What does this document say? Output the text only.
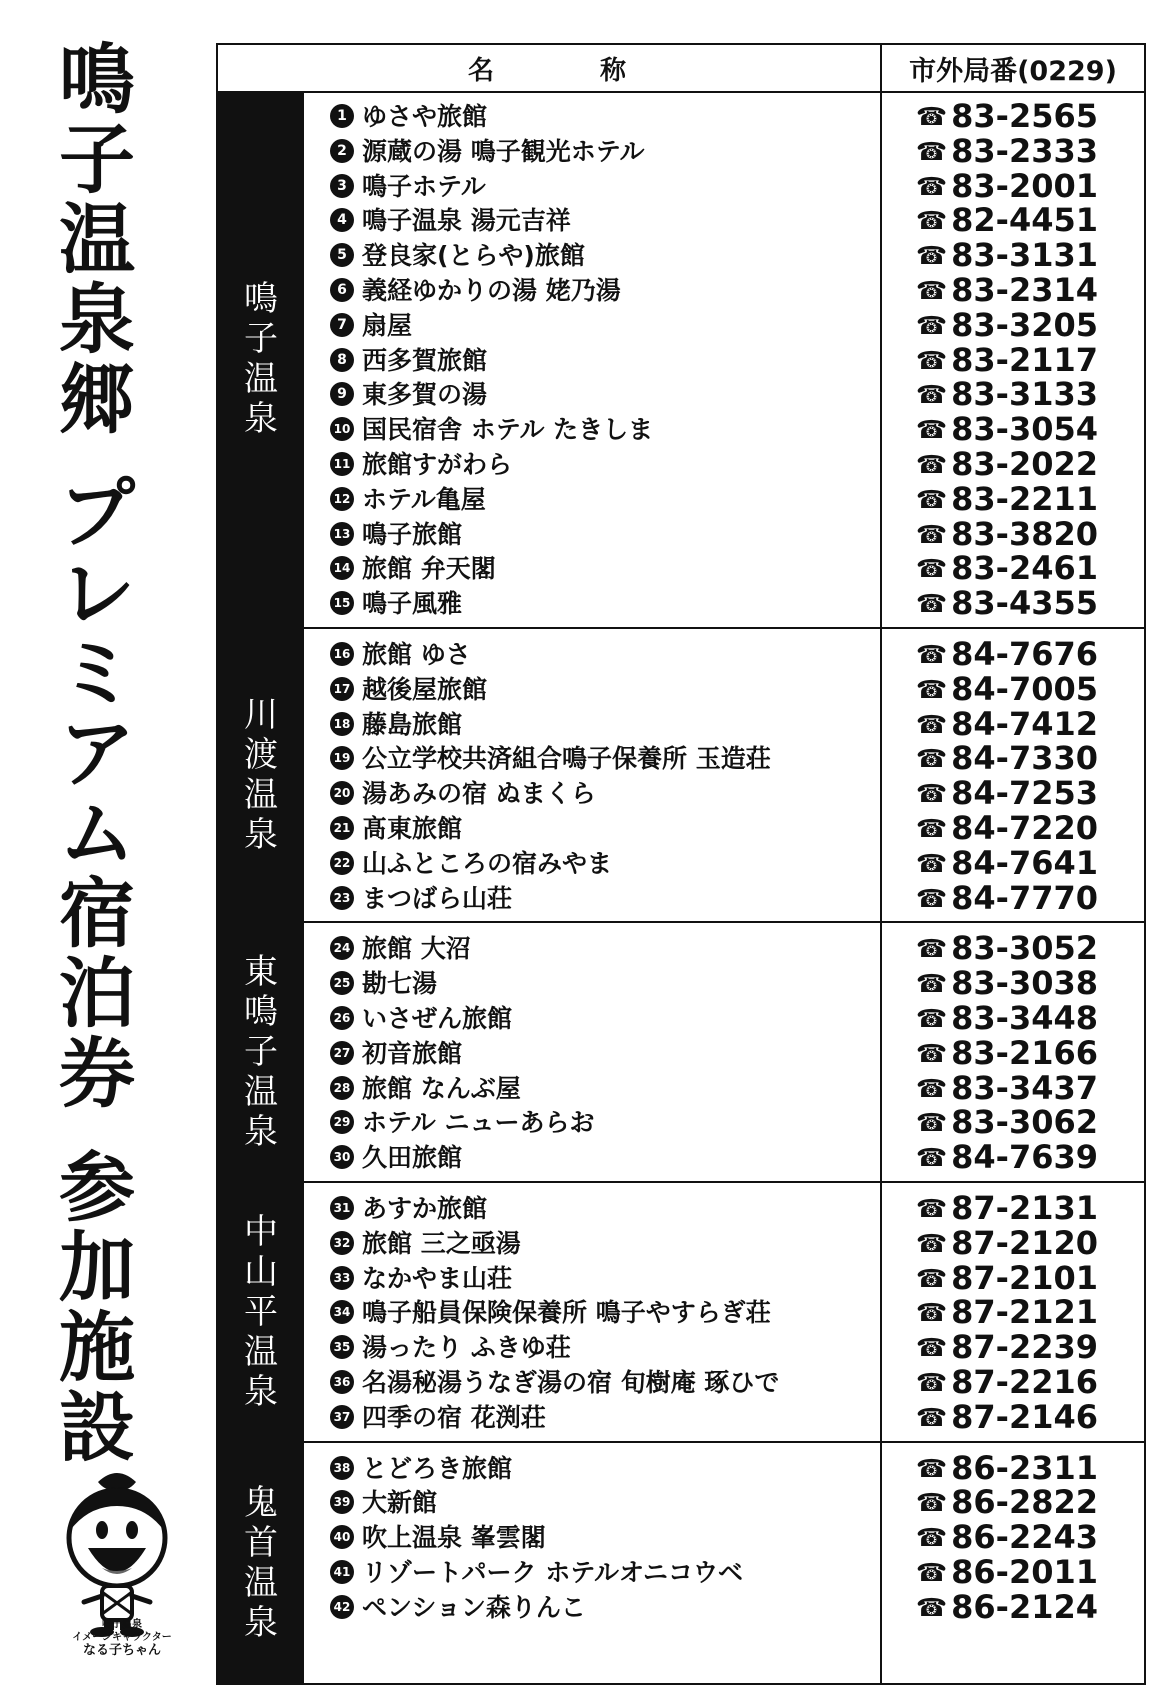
鳴
子
温
泉
郷
プ
レ
ミ
ア
ム
宿
泊
券
参
加
施
設
鳴子温泉
イメージキャラクター
なる子ちゃん
名	称	市外局番(0229)
鳴
子
温
泉
1 ゆさや旅館	☎ 83-2565
2 源蔵の湯 鳴子観光ホテル	☎ 83-2333
3 鳴子ホテル	☎ 83-2001
4 鳴子温泉 湯元吉祥	☎ 82-4451
5 登良家(とらや)旅館	☎ 83-3131
6 義経ゆかりの湯 姥乃湯	☎ 83-2314
7 扇屋	☎ 83-3205
8 西多賀旅館	☎ 83-2117
9 東多賀の湯	☎ 83-3133
10 国民宿舎 ホテル たきしま	☎ 83-3054
11 旅館すがわら	☎ 83-2022
12 ホテル亀屋	☎ 83-2211
13 鳴子旅館	☎ 83-3820
14 旅館 弁天閣	☎ 83-2461
15 鳴子風雅	☎ 83-4355
川
渡
温
泉
16 旅館 ゆさ	☎ 84-7676
17 越後屋旅館	☎ 84-7005
18 藤島旅館	☎ 84-7412
19 公立学校共済組合鳴子保養所 玉造荘	☎ 84-7330
20 湯あみの宿 ぬまくら	☎ 84-7253
21 髙東旅館	☎ 84-7220
22 山ふところの宿みやま	☎ 84-7641
23 まつばら山荘	☎ 84-7770
東
鳴
子
温
泉
24 旅館 大沼	☎ 83-3052
25 勘七湯	☎ 83-3038
26 いさぜん旅館	☎ 83-3448
27 初音旅館	☎ 83-2166
28 旅館 なんぶ屋	☎ 83-3437
29 ホテル ニューあらお	☎ 83-3062
30 久田旅館	☎ 84-7639
中
山
平
温
泉
31 あすか旅館	☎ 87-2131
32 旅館 三之亟湯	☎ 87-2120
33 なかやま山荘	☎ 87-2101
34 鳴子船員保険保養所 鳴子やすらぎ荘	☎ 87-2121
35 湯ったり ふきゆ荘	☎ 87-2239
36 名湯秘湯うなぎ湯の宿 旬樹庵 琢ひで	☎ 87-2216
37 四季の宿 花渕荘	☎ 87-2146
鬼
首
温
泉
38 とどろき旅館	☎ 86-2311
39 大新館	☎ 86-2822
40 吹上温泉 峯雲閣	☎ 86-2243
41 リゾートパーク ホテルオニコウベ	☎ 86-2011
42 ペンション森りんこ	☎ 86-2124
